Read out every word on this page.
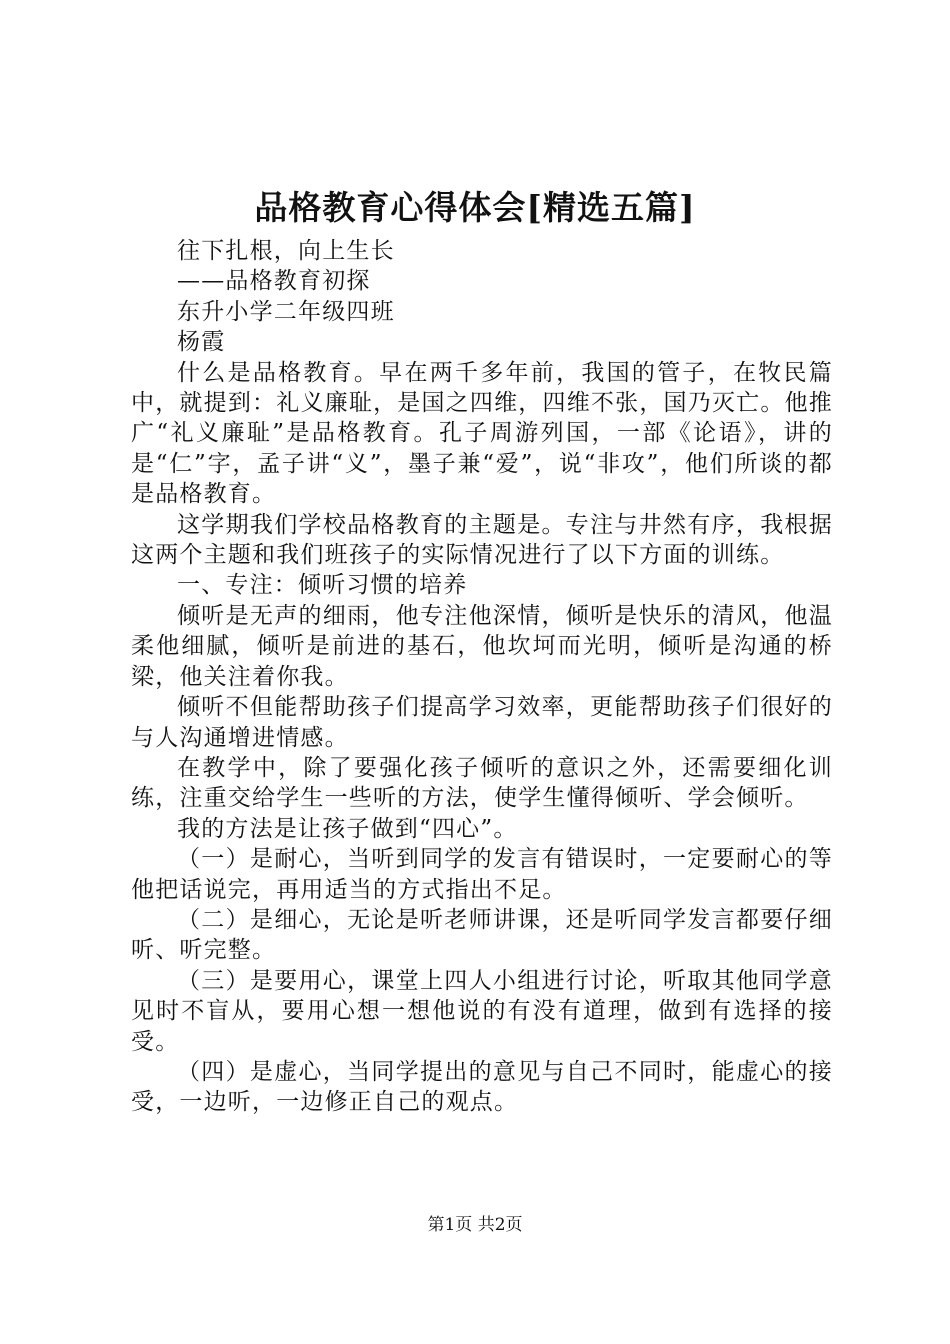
品格教育心得体会[精选五篇]

往下扎根，向上生长

——品格教育初探

东升小学二年级四班

杨霞

什么是品格教育。早在两千多年前，我国的管子，在牧民篇中，就提到：礼义廉耻，是国之四维，四维不张，国乃灭亡。他推广“礼义廉耻”是品格教育。孔子周游列国，一部《论语》，讲的是“仁”字，孟子讲“义”，墨子兼“爱”，说“非攻”，他们所谈的都是品格教育。

这学期我们学校品格教育的主题是。专注与井然有序，我根据这两个主题和我们班孩子的实际情况进行了以下方面的训练。

一、专注：倾听习惯的培养

倾听是无声的细雨，他专注他深情，倾听是快乐的清风，他温柔他细腻，倾听是前进的基石，他坎坷而光明，倾听是沟通的桥梁，他关注着你我。

倾听不但能帮助孩子们提高学习效率，更能帮助孩子们很好的与人沟通增进情感。

在教学中，除了要强化孩子倾听的意识之外，还需要细化训练，注重交给学生一些听的方法，使学生懂得倾听、学会倾听。

我的方法是让孩子做到“四心”。

（一）是耐心，当听到同学的发言有错误时，一定要耐心的等他把话说完，再用适当的方式指出不足。

（二）是细心，无论是听老师讲课，还是听同学发言都要仔细听、听完整。

（三）是要用心，课堂上四人小组进行讨论，听取其他同学意见时不盲从，要用心想一想他说的有没有道理，做到有选择的接受。

（四）是虚心，当同学提出的意见与自己不同时，能虚心的接受，一边听，一边修正自己的观点。

第1页 共2页
